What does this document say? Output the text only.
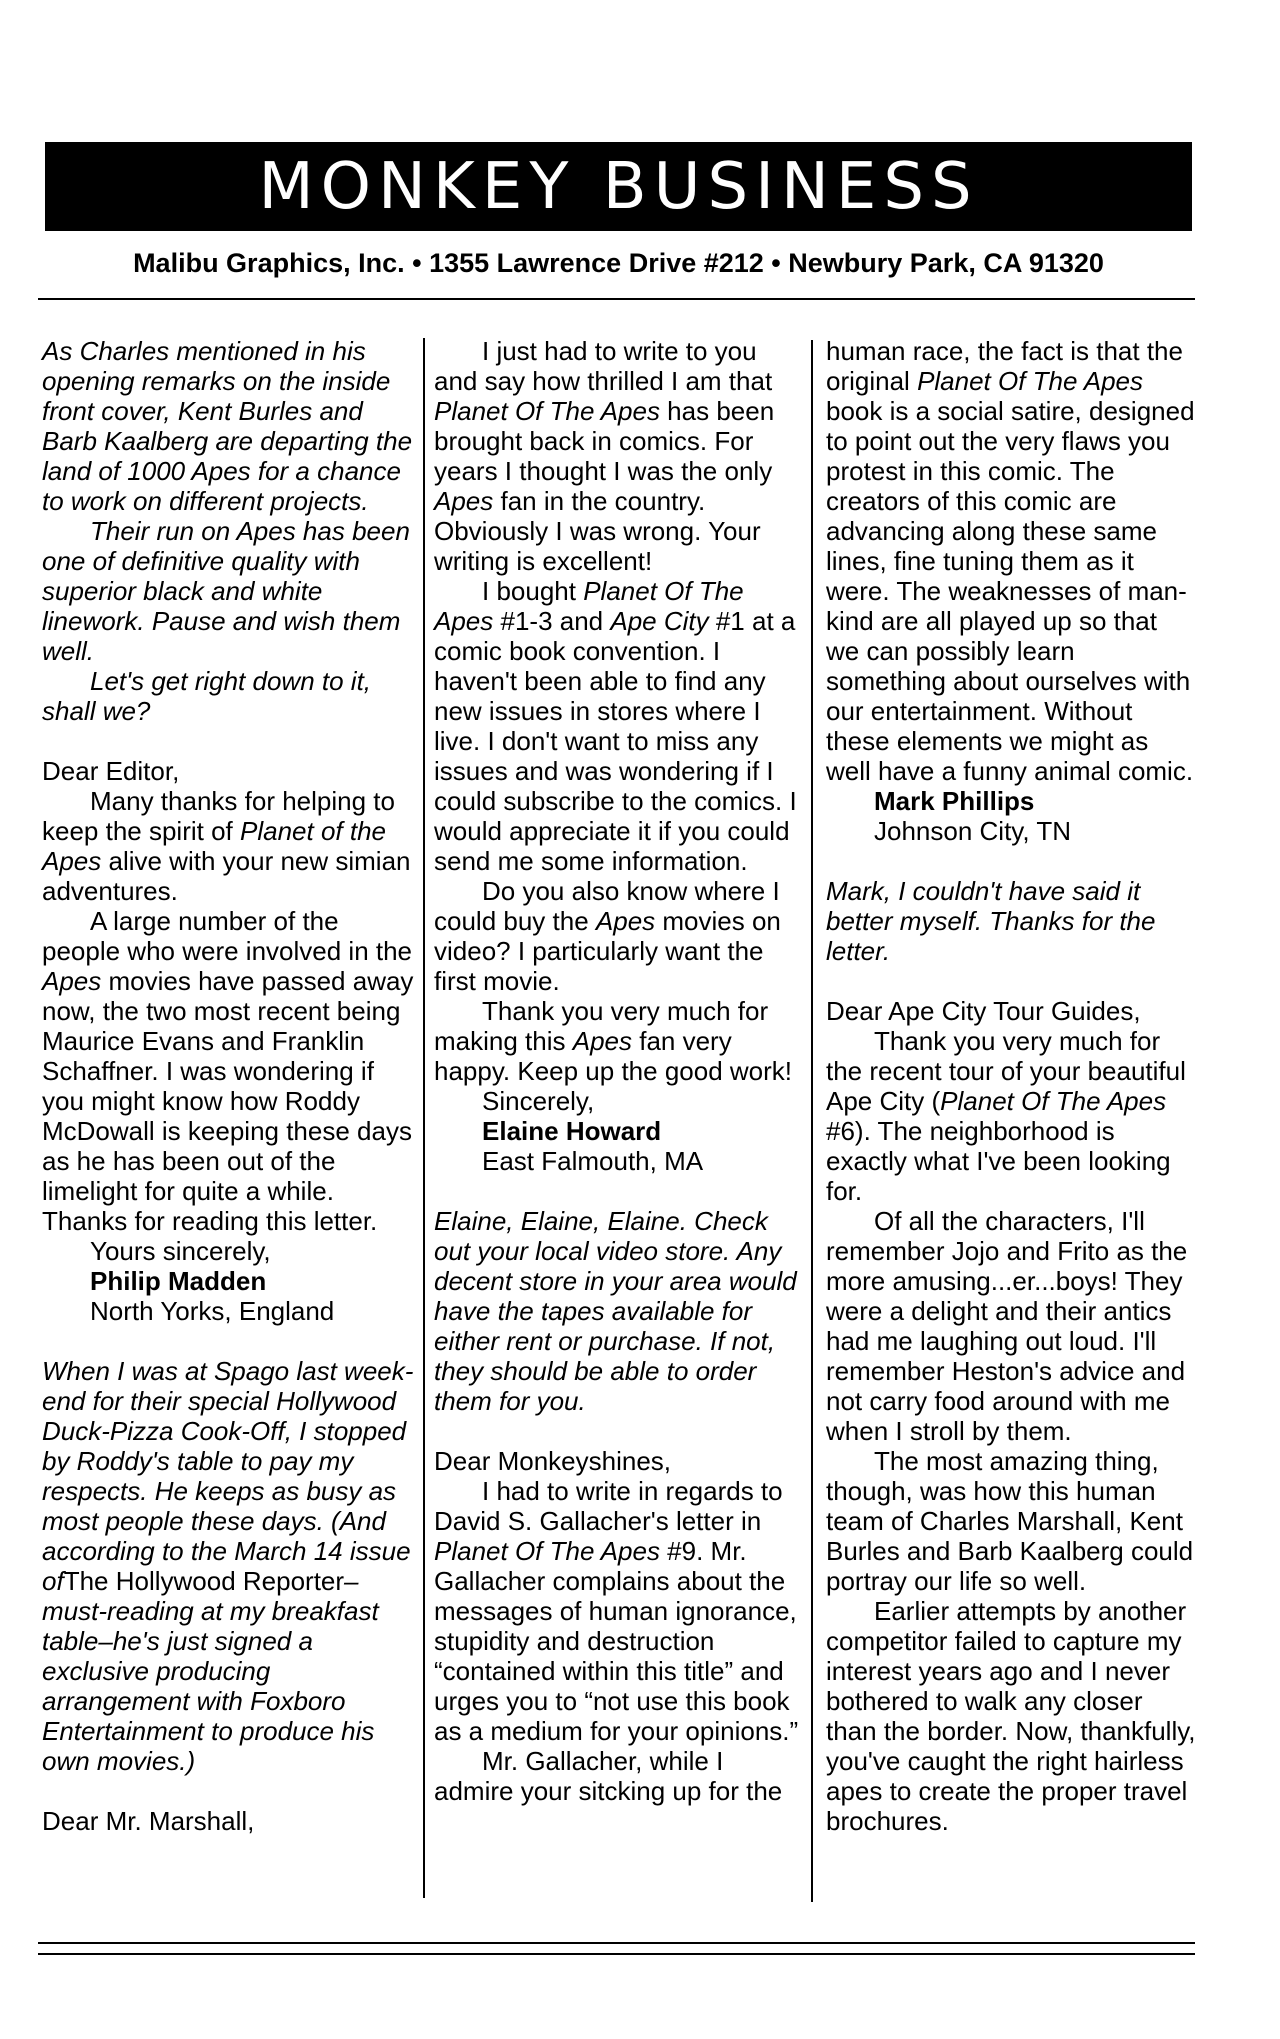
MONKEY BUSINESS
Malibu Graphics, Inc. • 1355 Lawrence Drive #212 • Newbury Park, CA 91320

As Charles mentioned in his opening remarks on the inside front cover, Kent Burles and Barb Kaalberg are departing the land of 1000 Apes for a chance to work on different projects.

Their run on Apes has been one of definitive quality with superior black and white linework. Pause and wish them well.

Let's get right down to it, shall we?

Dear Editor,

Many thanks for helping to keep the spirit of Planet of the Apes alive with your new simian adventures.

A large number of the people who were involved in the Apes movies have passed away now, the two most recent being Maurice Evans and Franklin Schaffner. I was wondering if you might know how Roddy McDowall is keeping these days as he has been out of the limelight for quite a while. Thanks for reading this letter.

Yours sincerely,

Philip Madden

North Yorks, England

When I was at Spago last week-end for their special Hollywood Duck-Pizza Cook-Off, I stopped by Roddy's table to pay my respects. He keeps as busy as most people these days. (And according to the March 14 issue ofThe Hollywood Reporter–must-reading at my breakfast table–he's just signed a exclusive producing arrangement with Foxboro Entertainment to produce his own movies.)

Dear Mr. Marshall,

I just had to write to you and say how thrilled I am that Planet Of The Apes has been brought back in comics. For years I thought I was the only Apes fan in the country. Obviously I was wrong. Your writing is excellent!

I bought Planet Of The Apes #1-3 and Ape City #1 at a comic book convention. I haven't been able to find any new issues in stores where I live. I don't want to miss any issues and was wondering if I could subscribe to the comics. I would appreciate it if you could send me some information.

Do you also know where I could buy the Apes movies on video? I particularly want the first movie.

Thank you very much for making this Apes fan very happy. Keep up the good work!

Sincerely,

Elaine Howard

East Falmouth, MA

Elaine, Elaine, Elaine. Check out your local video store. Any decent store in your area would have the tapes available for either rent or purchase. If not, they should be able to order them for you.

Dear Monkeyshines,

I had to write in regards to David S. Gallacher's letter in Planet Of The Apes #9. Mr. Gallacher complains about the messages of human ignorance, stupidity and destruction “contained within this title” and urges you to “not use this book as a medium for your opinions.”

Mr. Gallacher, while I admire your sitcking up for the

human race, the fact is that the original Planet Of The Apes book is a social satire, designed to point out the very flaws you protest in this comic. The creators of this comic are advancing along these same lines, fine tuning them as it were. The weaknesses of man-kind are all played up so that we can possibly learn something about ourselves with our entertainment. Without these elements we might as well have a funny animal comic.

Mark Phillips

Johnson City, TN

Mark, I couldn't have said it better myself. Thanks for the letter.

Dear Ape City Tour Guides,

Thank you very much for the recent tour of your beautiful Ape City (Planet Of The Apes #6). The neighborhood is exactly what I've been looking for.

Of all the characters, I'll remember Jojo and Frito as the more amusing...er...boys! They were a delight and their antics had me laughing out loud. I'll remember Heston's advice and not carry food around with me when I stroll by them.

The most amazing thing, though, was how this human team of Charles Marshall, Kent Burles and Barb Kaalberg could portray our life so well.

Earlier attempts by another competitor failed to capture my interest years ago and I never bothered to walk any closer than the border. Now, thankfully, you've caught the right hairless apes to create the proper travel brochures.
